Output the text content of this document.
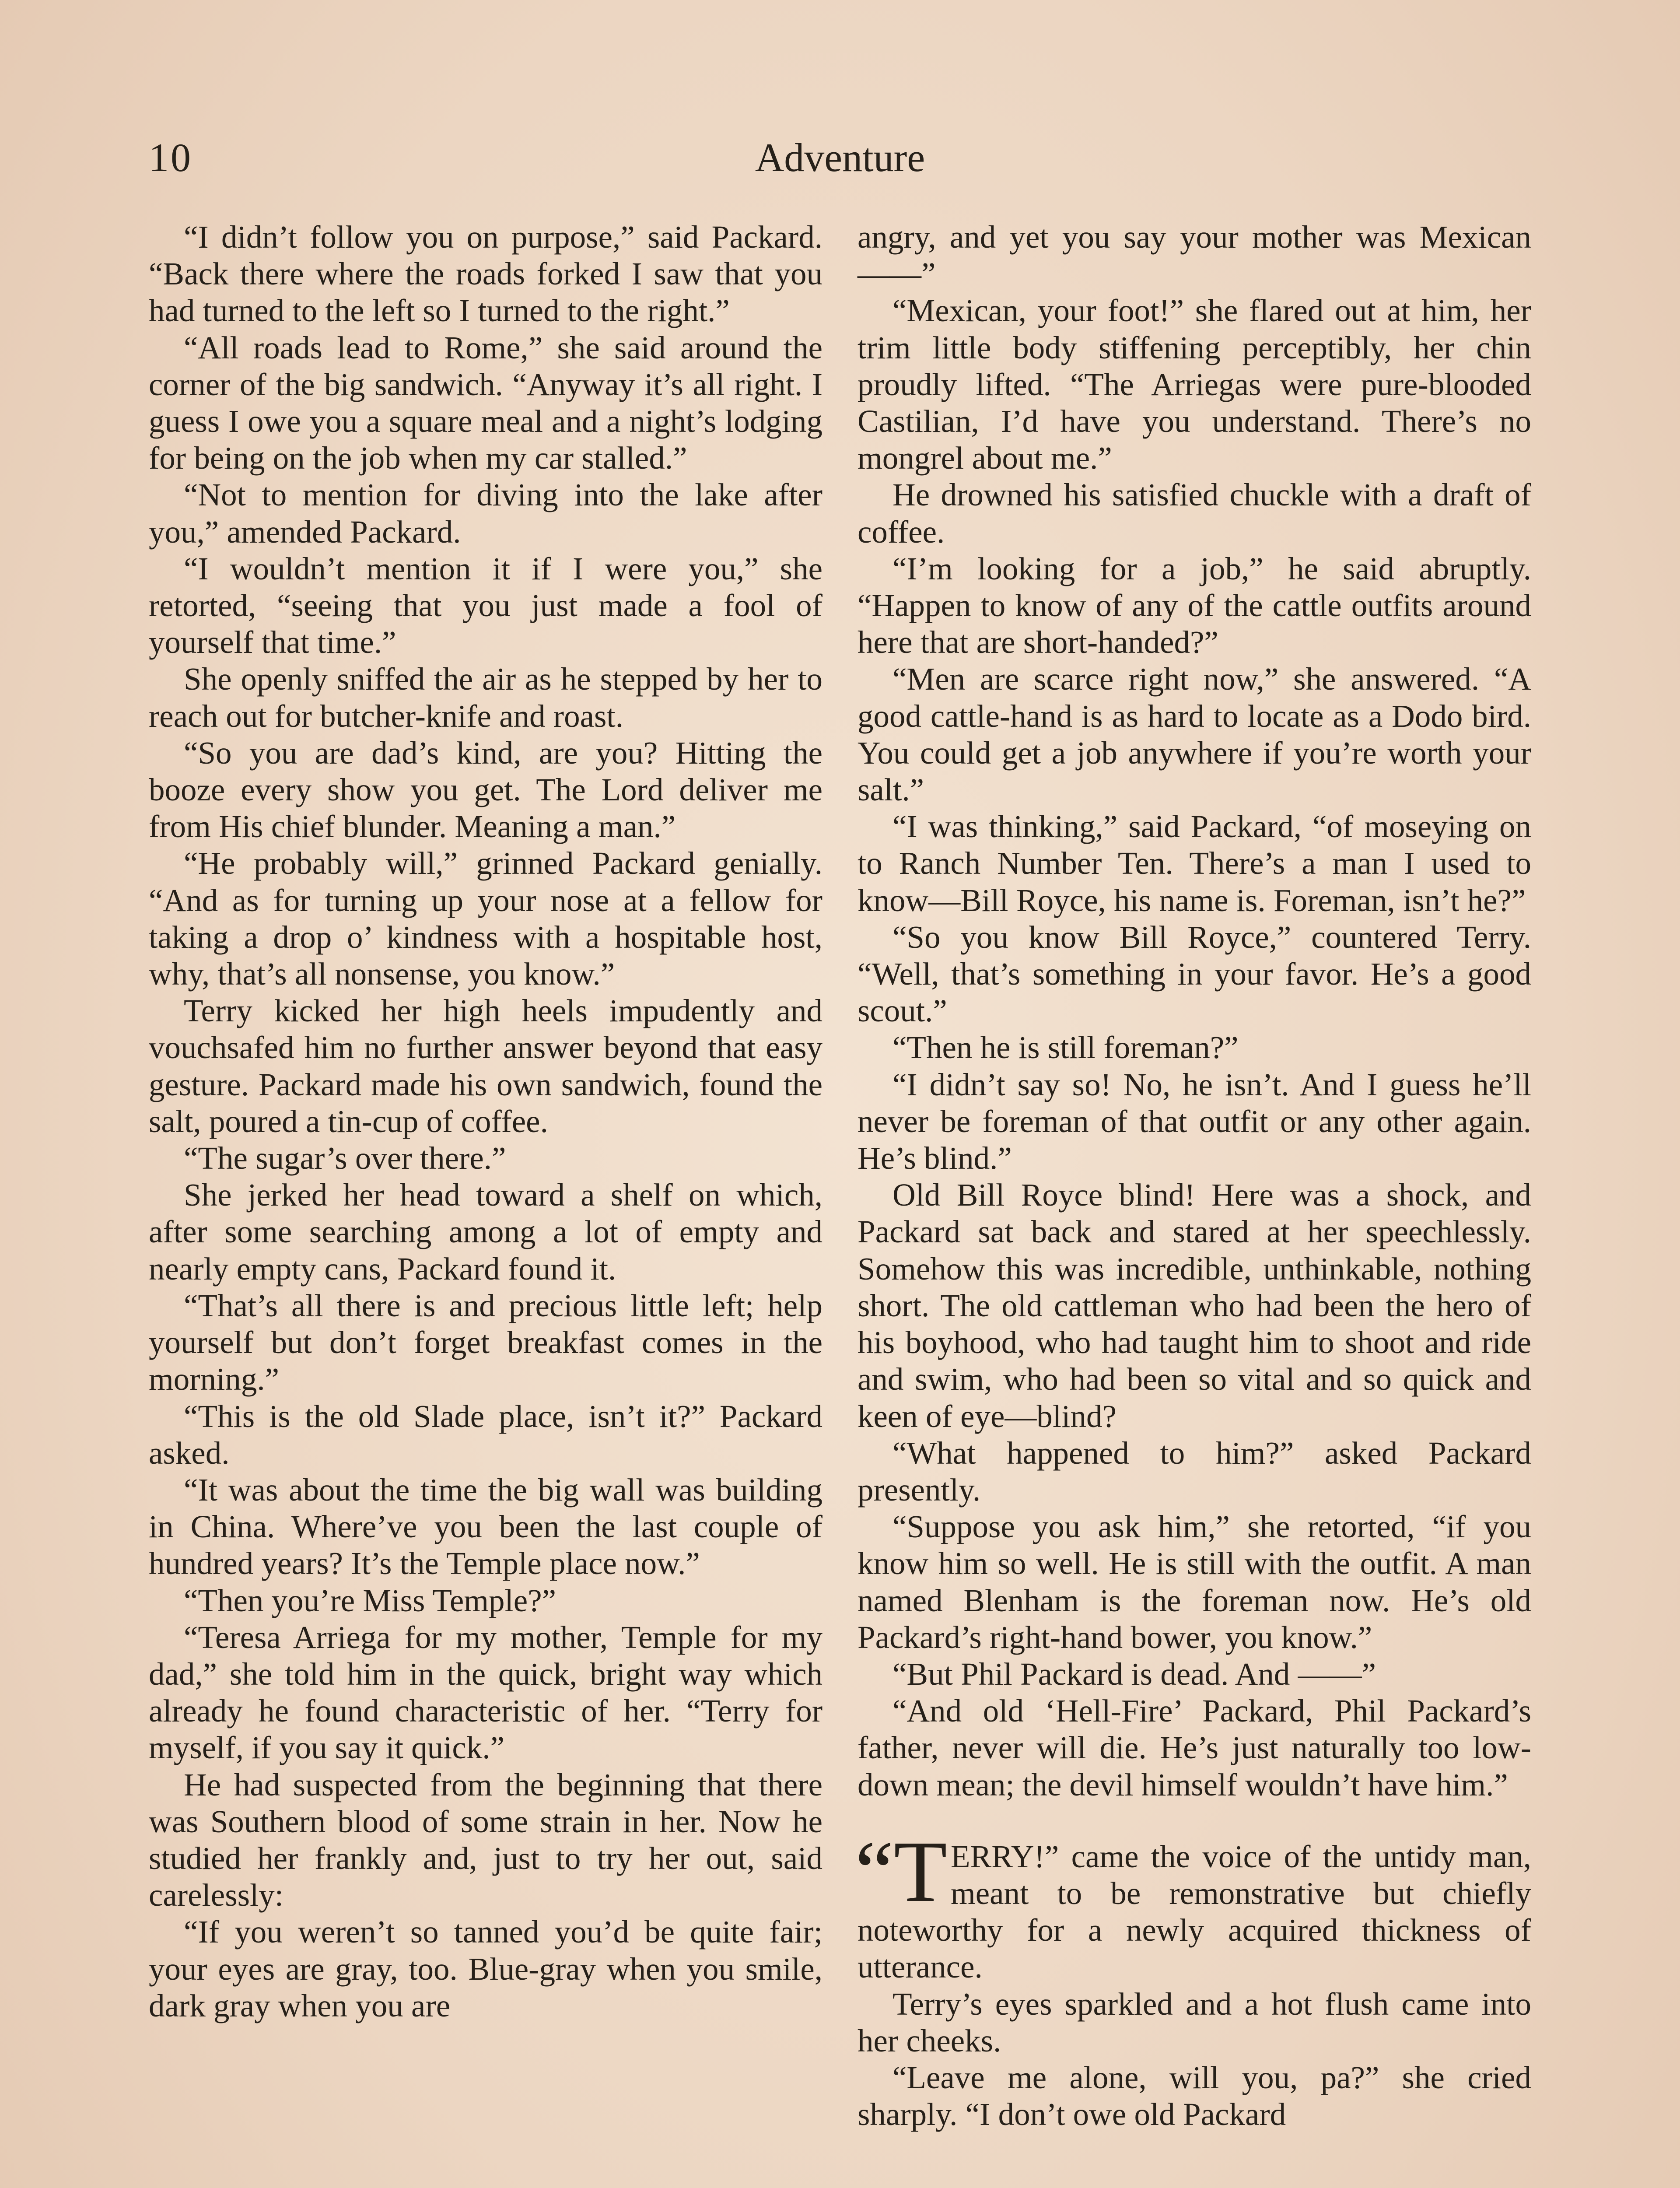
10	Adventure

“I didn’t follow you on purpose,” said Packard. “Back there where the roads forked I saw that you had turned to the left so I turned to the right.”

“All roads lead to Rome,” she said around the corner of the big sandwich. “Anyway it’s all right. I guess I owe you a square meal and a night’s lodging for being on the job when my car stalled.”

“Not to mention for diving into the lake after you,” amended Packard.

“I wouldn’t mention it if I were you,” she retorted, “seeing that you just made a fool of yourself that time.”

She openly sniffed the air as he stepped by her to reach out for butcher-knife and roast.

“So you are dad’s kind, are you? Hitting the booze every show you get. The Lord deliver me from His chief blunder. Meaning a man.”

“He probably will,” grinned Packard genially. “And as for turning up your nose at a fellow for taking a drop o’ kindness with a hospitable host, why, that’s all nonsense, you know.”

Terry kicked her high heels impudently and vouchsafed him no further answer beyond that easy gesture. Packard made his own sandwich, found the salt, poured a tin-cup of coffee.

“The sugar’s over there.”

She jerked her head toward a shelf on which, after some searching among a lot of empty and nearly empty cans, Packard found it.

“That’s all there is and precious little left; help yourself but don’t forget breakfast comes in the morning.”

“This is the old Slade place, isn’t it?” Packard asked.

“It was about the time the big wall was building in China. Where’ve you been the last couple of hundred years? It’s the Temple place now.”

“Then you’re Miss Temple?”

“Teresa Arriega for my mother, Temple for my dad,” she told him in the quick, bright way which already he found characteristic of her. “Terry for myself, if you say it quick.”

He had suspected from the beginning that there was Southern blood of some strain in her. Now he studied her frankly and, just to try her out, said carelessly:

“If you weren’t so tanned you’d be quite fair; your eyes are gray, too. Blue-gray when you smile, dark gray when you are

angry, and yet you say your mother was Mexican——”

“Mexican, your foot!” she flared out at him, her trim little body stiffening perceptibly, her chin proudly lifted. “The Arriegas were pure-blooded Castilian, I’d have you understand. There’s no mongrel about me.”

He drowned his satisfied chuckle with a draft of coffee.

“I’m looking for a job,” he said abruptly. “Happen to know of any of the cattle outfits around here that are short-handed?”

“Men are scarce right now,” she answered. “A good cattle-hand is as hard to locate as a Dodo bird. You could get a job anywhere if you’re worth your salt.”

“I was thinking,” said Packard, “of moseying on to Ranch Number Ten. There’s a man I used to know—Bill Royce, his name is. Foreman, isn’t he?”

“So you know Bill Royce,” countered Terry. “Well, that’s something in your favor. He’s a good scout.”

“Then he is still foreman?”

“I didn’t say so! No, he isn’t. And I guess he’ll never be foreman of that outfit or any other again. He’s blind.”

Old Bill Royce blind! Here was a shock, and Packard sat back and stared at her speechlessly. Somehow this was incredible, unthinkable, nothing short. The old cattleman who had been the hero of his boyhood, who had taught him to shoot and ride and swim, who had been so vital and so quick and keen of eye—blind?

“What happened to him?” asked Packard presently.

“Suppose you ask him,” she retorted, “if you know him so well. He is still with the outfit. A man named Blenham is the foreman now. He’s old Packard’s right-hand bower, you know.”

“But Phil Packard is dead. And ——”

“And old ‘Hell-Fire’ Packard, Phil Packard’s father, never will die. He’s just naturally too low-down mean; the devil himself wouldn’t have him.”

“T ERRY!” came the voice of the untidy man, meant to be remonstrative but chiefly noteworthy for a newly acquired thickness of utterance.

Terry’s eyes sparkled and a hot flush came into her cheeks.

“Leave me alone, will you, pa?” she cried sharply. “I don’t owe old Packard
